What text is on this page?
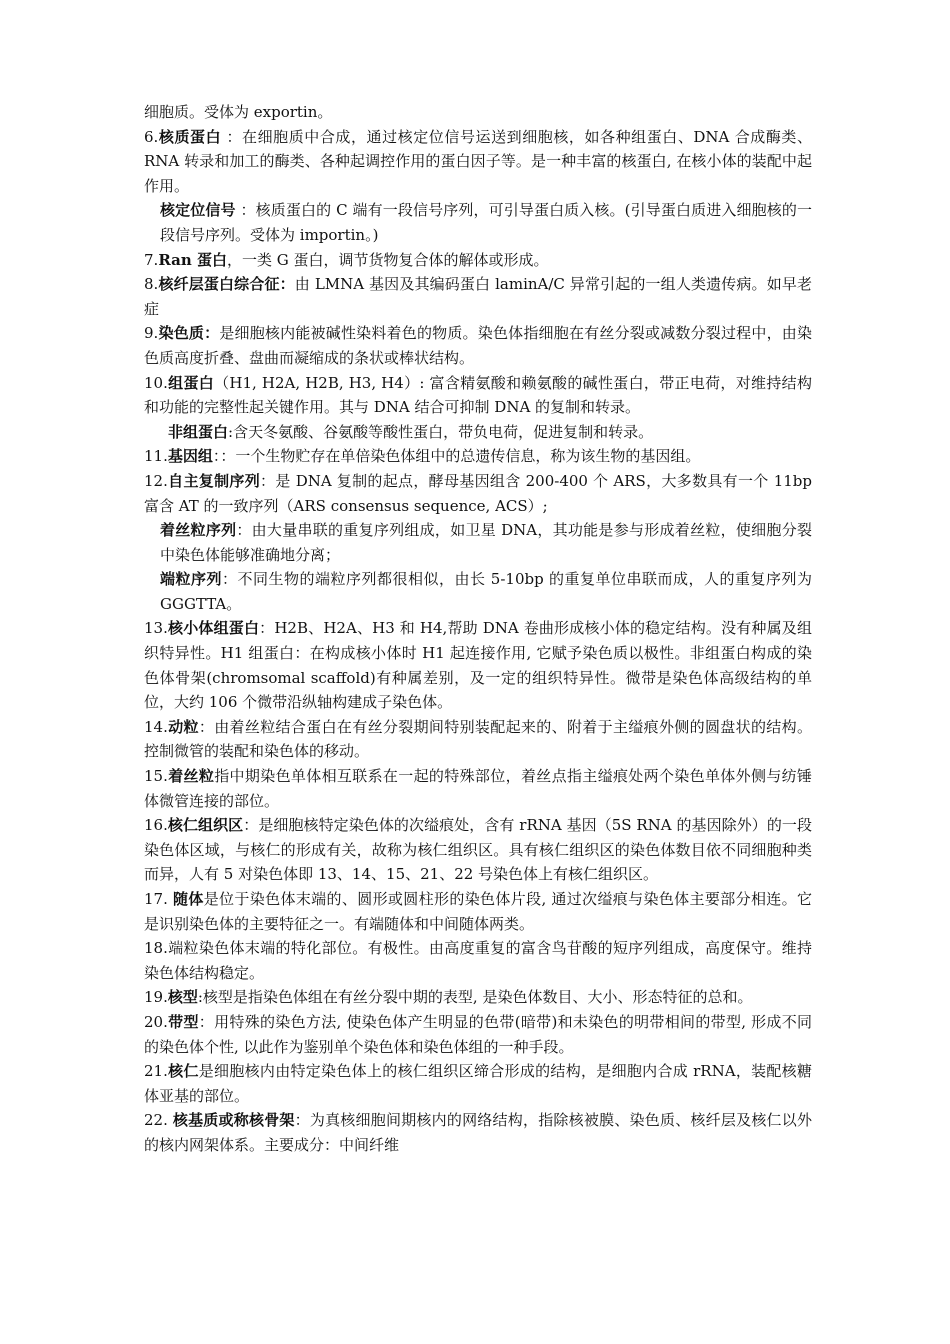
细胞质。受体为 exportin。

6.核质蛋白 ：在细胞质中合成，通过核定位信号运送到细胞核，如各种组蛋白、DNA 合成酶类、RNA 转录和加工的酶类、各种起调控作用的蛋白因子等。是一种丰富的核蛋白, 在核小体的装配中起作用。

核定位信号 ：核质蛋白的 C 端有一段信号序列，可引导蛋白质入核。(引导蛋白质进入细胞核的一段信号序列。受体为 importin。)

7.Ran 蛋白，一类 G 蛋白，调节货物复合体的解体或形成。

8.核纤层蛋白综合征：由 LMNA 基因及其编码蛋白 laminA/C 异常引起的一组人类遗传病。如早老症

9.染色质：是细胞核内能被碱性染料着色的物质。染色体指细胞在有丝分裂或减数分裂过程中，由染色质高度折叠、盘曲而凝缩成的条状或棒状结构。

10.组蛋白（H1, H2A, H2B, H3, H4）: 富含精氨酸和赖氨酸的碱性蛋白，带正电荷，对维持结构和功能的完整性起关键作用。其与 DNA 结合可抑制 DNA 的复制和转录。

非组蛋白:含天冬氨酸、谷氨酸等酸性蛋白，带负电荷，促进复制和转录。

11.基因组：：一个生物贮存在单倍染色体组中的总遗传信息，称为该生物的基因组。

12.自主复制序列：是 DNA 复制的起点，酵母基因组含 200-400 个 ARS，大多数具有一个 11bp 富含 AT 的一致序列（ARS consensus sequence, ACS）;

着丝粒序列：由大量串联的重复序列组成，如卫星 DNA，其功能是参与形成着丝粒，使细胞分裂中染色体能够准确地分离；

端粒序列：不同生物的端粒序列都很相似，由长 5-10bp 的重复单位串联而成，人的重复序列为 GGGTTA。

13.核小体组蛋白：H2B、H2A、H3 和 H4,帮助 DNA 卷曲形成核小体的稳定结构。没有种属及组织特异性。H1 组蛋白：在构成核小体时 H1 起连接作用, 它赋予染色质以极性。非组蛋白构成的染色体骨架(chromsomal scaffold)有种属差别，及一定的组织特异性。微带是染色体高级结构的单位，大约 106 个微带沿纵轴构建成子染色体。

14.动粒：由着丝粒结合蛋白在有丝分裂期间特别装配起来的、附着于主缢痕外侧的圆盘状的结构。 控制微管的装配和染色体的移动。

15.着丝粒指中期染色单体相互联系在一起的特殊部位，着丝点指主缢痕处两个染色单体外侧与纺锤体微管连接的部位。

16.核仁组织区：是细胞核特定染色体的次缢痕处，含有 rRNA 基因（5S RNA 的基因除外）的一段染色体区域，与核仁的形成有关，故称为核仁组织区。具有核仁组织区的染色体数目依不同细胞种类而异，人有 5 对染色体即 13、14、15、21、22 号染色体上有核仁组织区。

17. 随体是位于染色体末端的、圆形或圆柱形的染色体片段, 通过次缢痕与染色体主要部分相连。它是识别染色体的主要特征之一。有端随体和中间随体两类。

18.端粒染色体末端的特化部位。有极性。由高度重复的富含鸟苷酸的短序列组成，高度保守。维持染色体结构稳定。

19.核型:核型是指染色体组在有丝分裂中期的表型, 是染色体数目、大小、形态特征的总和。

20.带型：用特殊的染色方法, 使染色体产生明显的色带(暗带)和未染色的明带相间的带型, 形成不同的染色体个性, 以此作为鉴别单个染色体和染色体组的一种手段。

21.核仁是细胞核内由特定染色体上的核仁组织区缔合形成的结构，是细胞内合成 rRNA，装配核糖体亚基的部位。

22. 核基质或称核骨架：为真核细胞间期核内的网络结构，指除核被膜、染色质、核纤层及核仁以外的核内网架体系。主要成分：中间纤维
